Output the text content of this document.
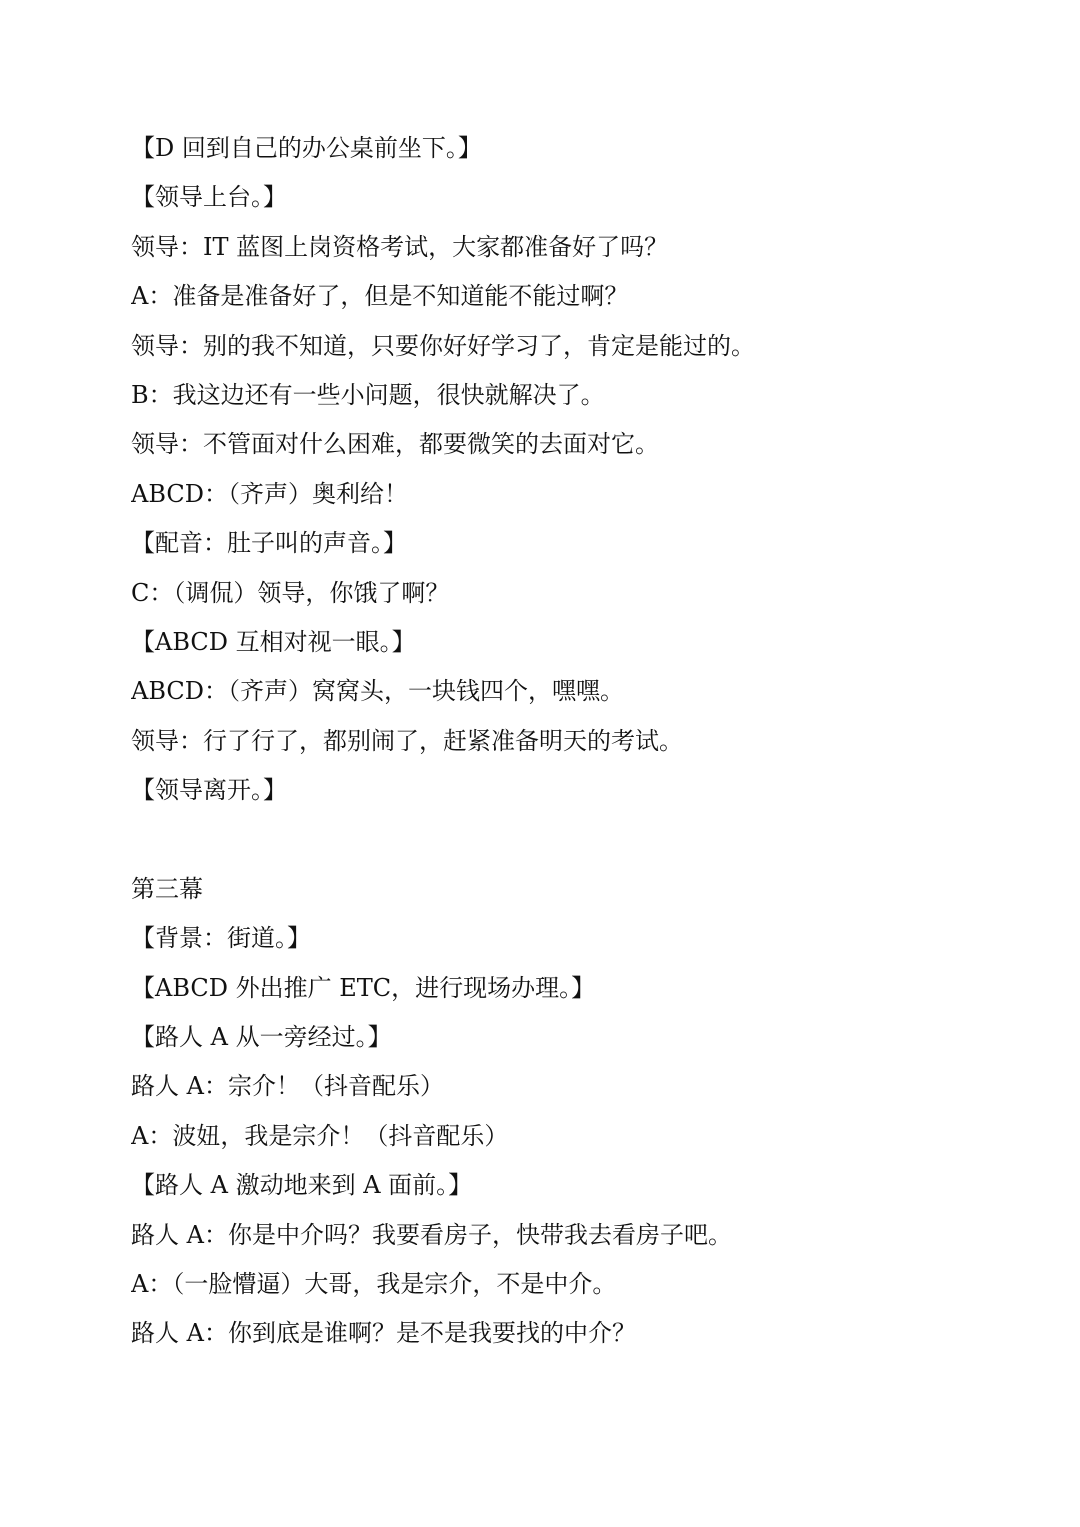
【D 回到自己的办公桌前坐下。】
【领导上台。】
领导：IT 蓝图上岗资格考试，大家都准备好了吗？
A：准备是准备好了，但是不知道能不能过啊？
领导：别的我不知道，只要你好好学习了，肯定是能过的。
B：我这边还有一些小问题，很快就解决了。
领导：不管面对什么困难，都要微笑的去面对它。
ABCD：（齐声）奥利给！
【配音：肚子叫的声音。】
C：（调侃）领导，你饿了啊？
【ABCD 互相对视一眼。】
ABCD：（齐声）窝窝头，一块钱四个，嘿嘿。
领导：行了行了，都别闹了，赶紧准备明天的考试。
【领导离开。】
第三幕
【背景：街道。】
【ABCD 外出推广 ETC，进行现场办理。】
【路人 A 从一旁经过。】
路人 A：宗介！（抖音配乐）
A：波妞，我是宗介！（抖音配乐）
【路人 A 激动地来到 A 面前。】
路人 A：你是中介吗？我要看房子，快带我去看房子吧。
A：（一脸懵逼）大哥，我是宗介，不是中介。
路人 A：你到底是谁啊？是不是我要找的中介？
